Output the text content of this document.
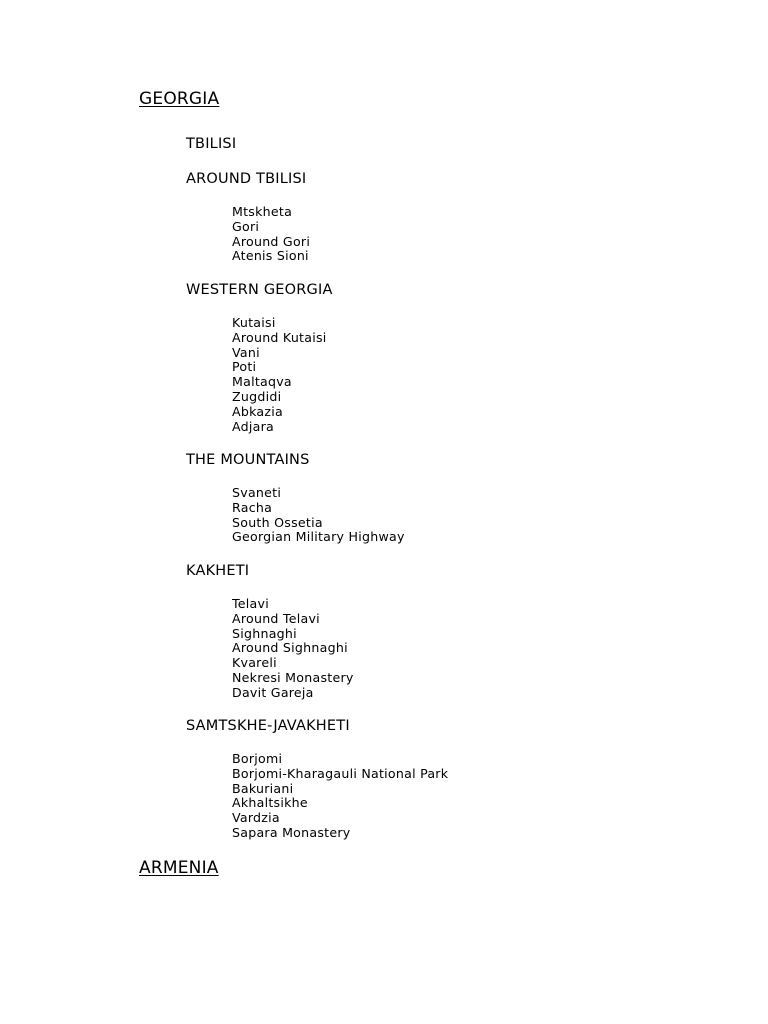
GEORGIA
TBILISI
AROUND TBILISI
Mtskheta
Gori
Around Gori
Atenis Sioni
WESTERN GEORGIA
Kutaisi
Around Kutaisi
Vani
Poti
Maltaqva
Zugdidi
Abkazia
Adjara
THE MOUNTAINS
Svaneti
Racha
South Ossetia
Georgian Military Highway
KAKHETI
Telavi
Around Telavi
Sighnaghi
Around Sighnaghi
Kvareli
Nekresi Monastery
Davit Gareja
SAMTSKHE-JAVAKHETI
Borjomi
Borjomi-Kharagauli National Park
Bakuriani
Akhaltsikhe
Vardzia
Sapara Monastery
ARMENIA
